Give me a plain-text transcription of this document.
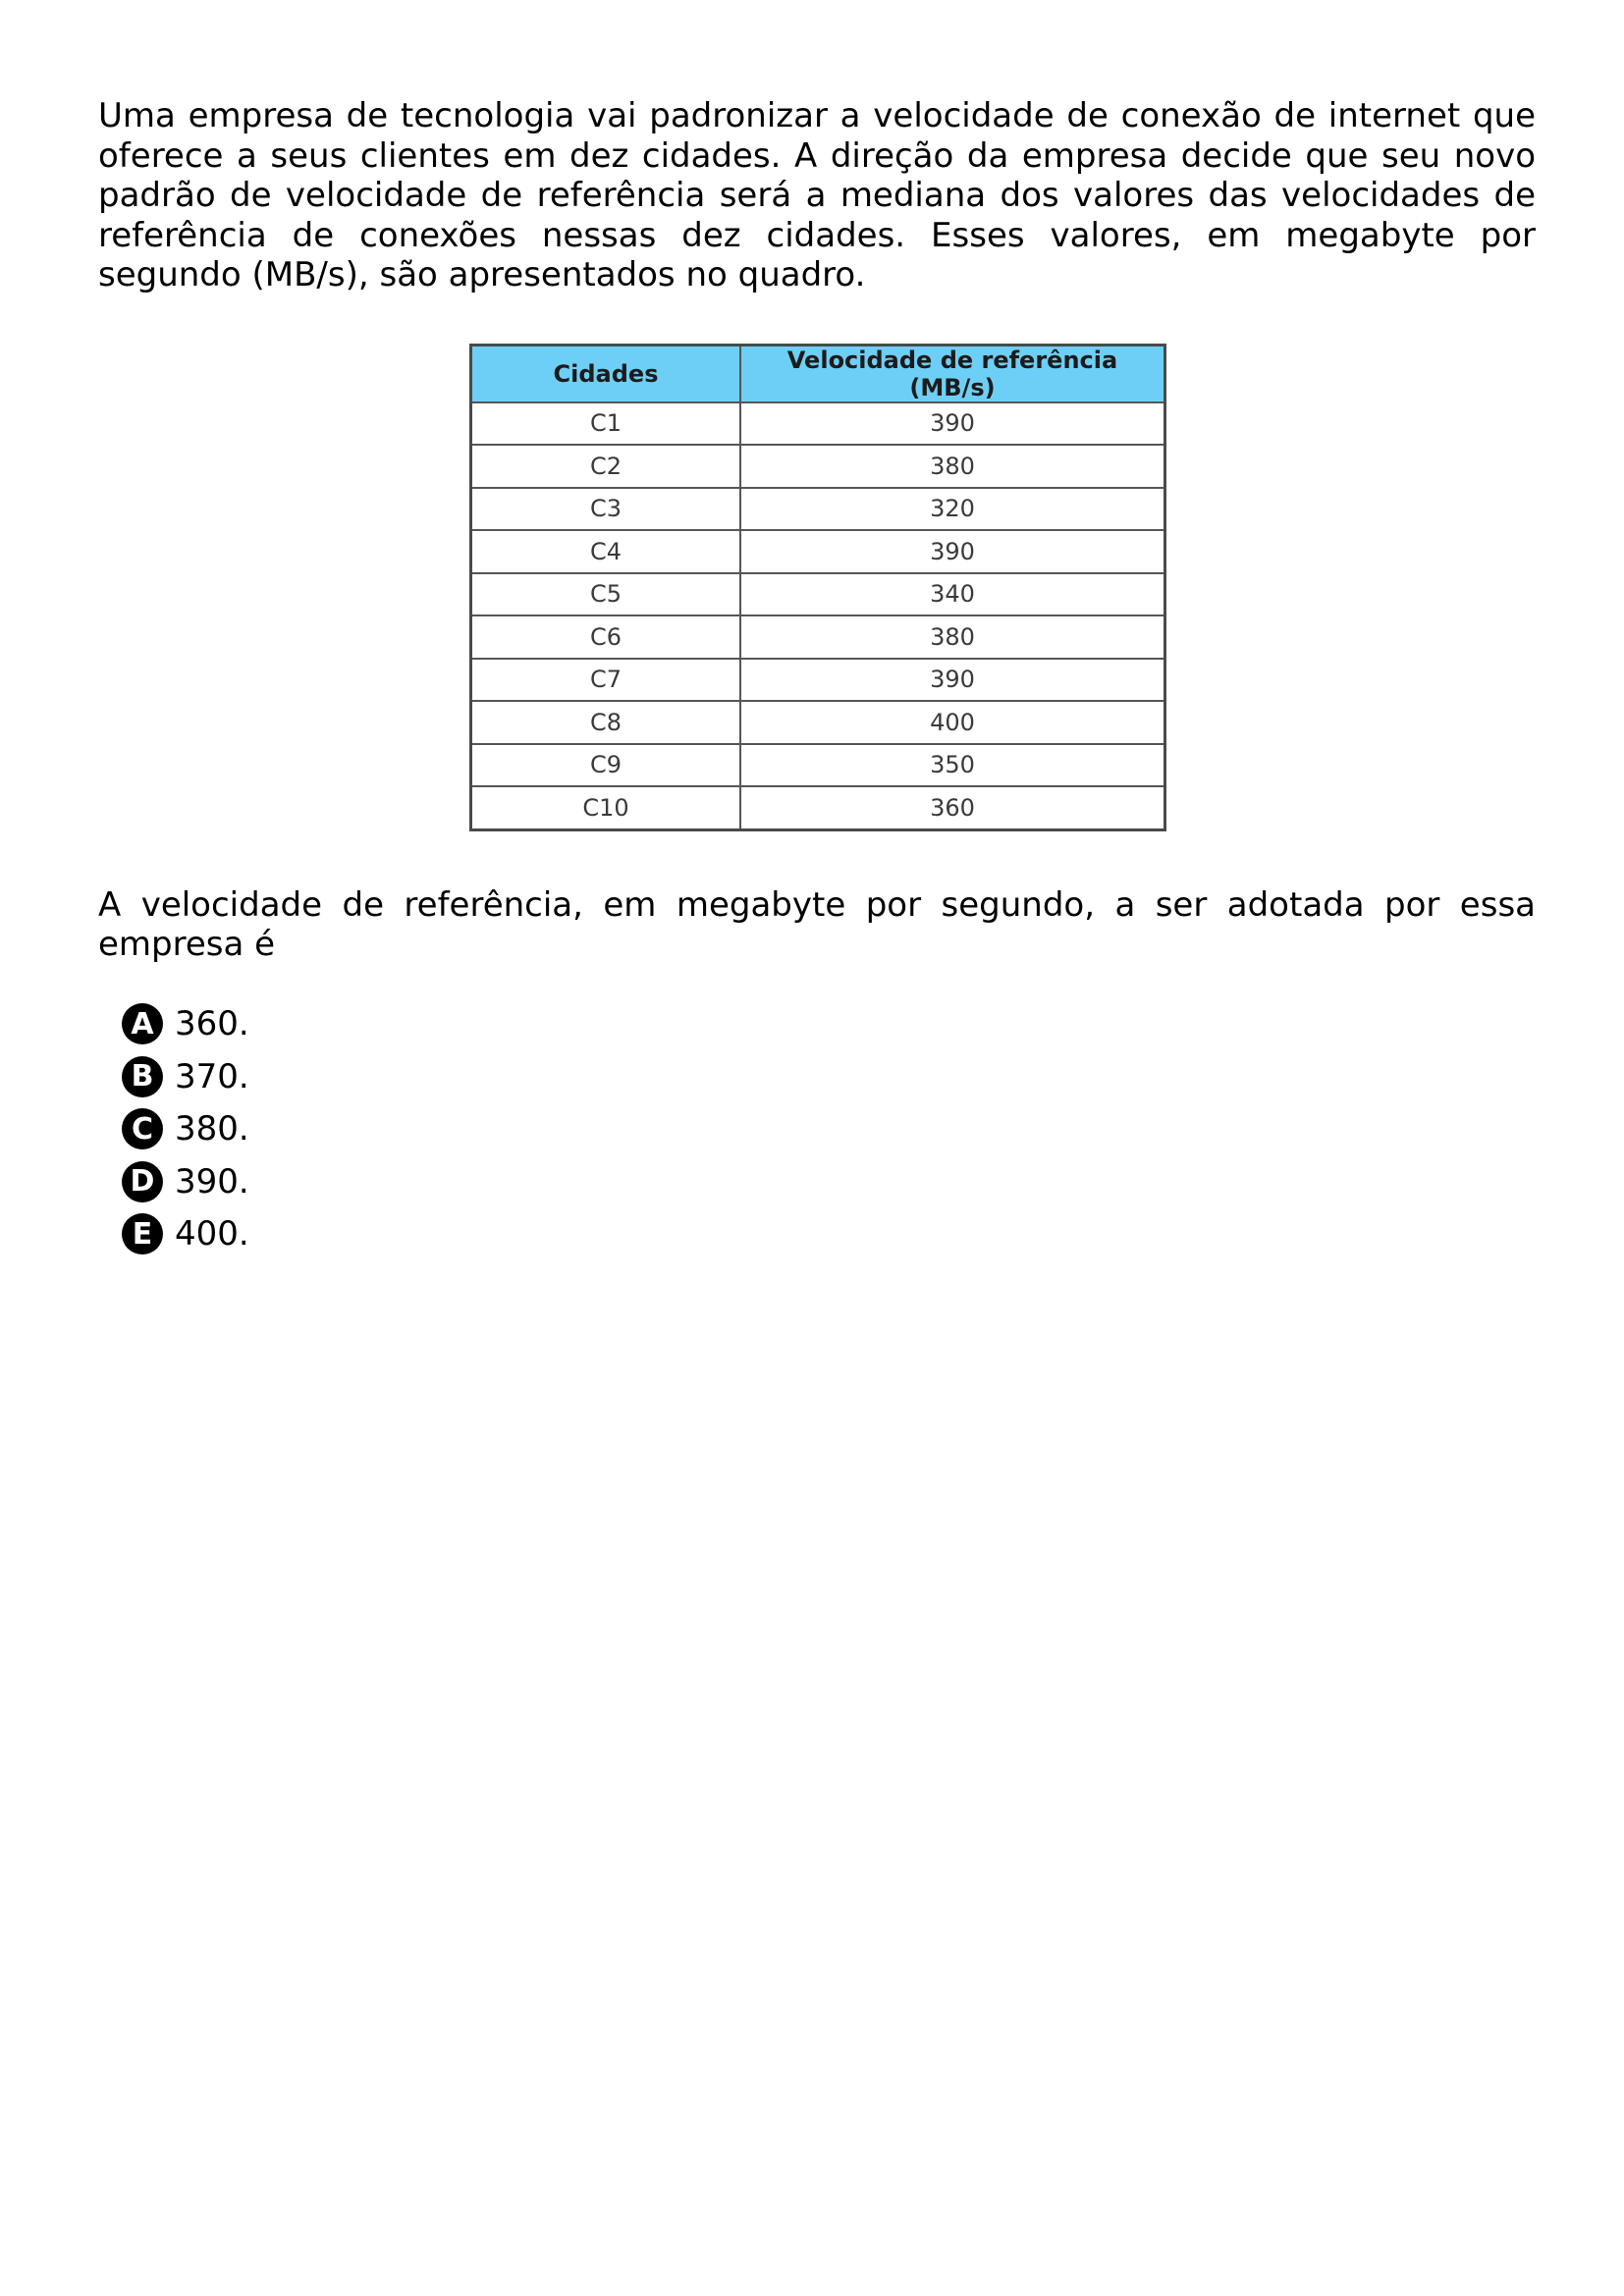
Uma empresa de tecnologia vai padronizar a velocidade de conexão de internet que oferece a seus clientes em dez cidades. A direção da empresa decide que seu novo padrão de velocidade de referência será a mediana dos valores das velocidades de referência de conexões nessas dez cidades. Esses valores, em megabyte por segundo (MB/s), são apresentados no quadro.

Cidades	Velocidade de referência (MB/s)
C1	390
C2	380
C3	320
C4	390
C5	340
C6	380
C7	390
C8	400
C9	350
C10	360

A velocidade de referência, em megabyte por segundo, a ser adotada por essa empresa é

A 360.
B 370.
C 380.
D 390.
E 400.
